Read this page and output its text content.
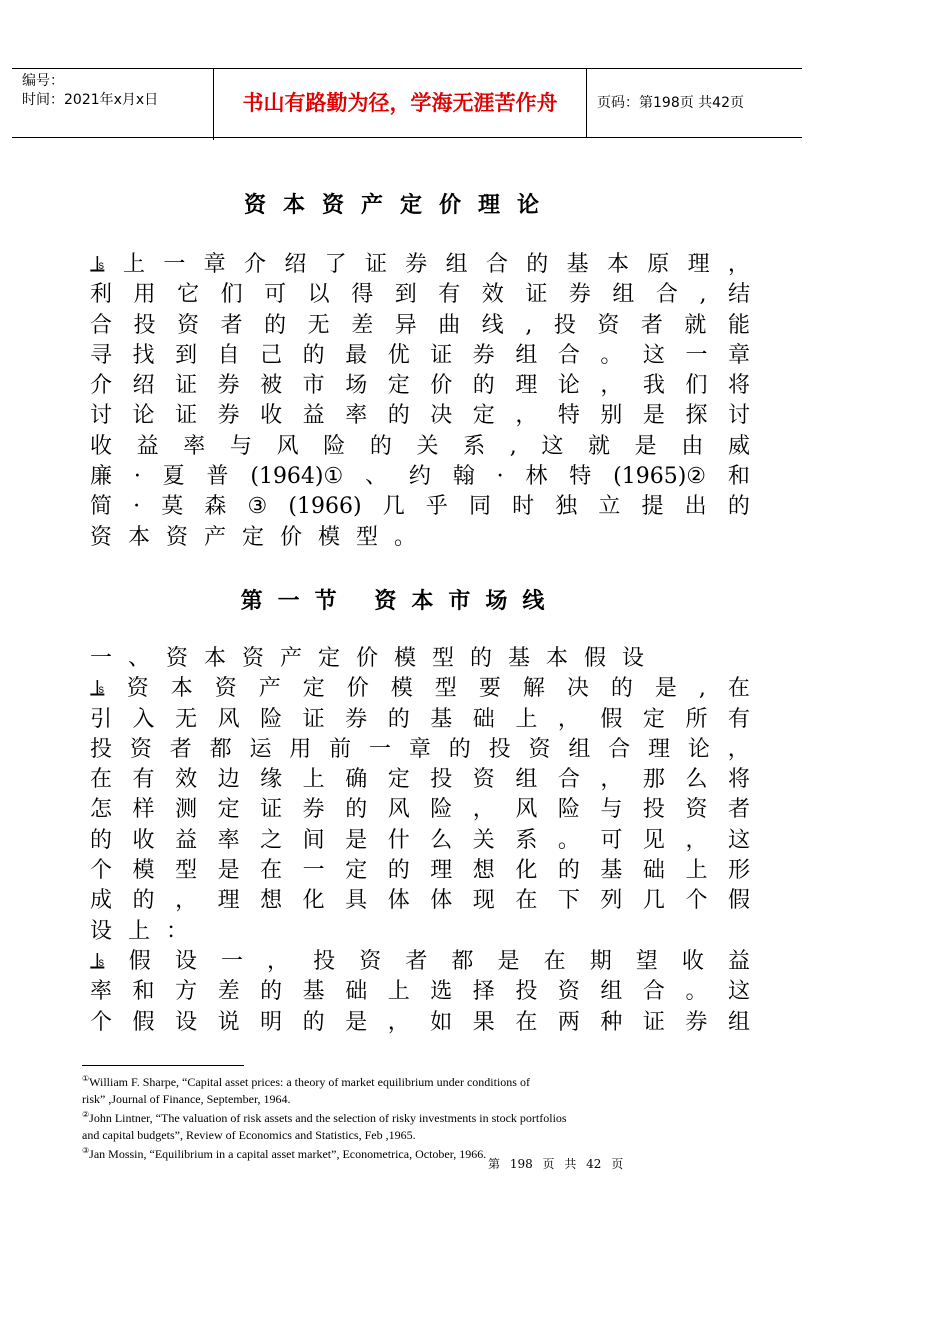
编号：
时间：2021年x月x日	书山有路勤为径，学海无涯苦作舟	页码：第198页 共42页
资本资产定价理论
⫡ 上 一 章 介 绍 了 证 券 组 合 的 基 本 原 理 ，
利 用 它 们 可 以 得 到 有 效 证 券 组 合 , 结
合 投 资 者 的 无 差 异 曲 线 , 投 资 者 就 能
寻 找 到 自 己 的 最 优 证 券 组 合 。 这 一 章
介 绍 证 券 被 市 场 定 价 的 理 论 ， 我 们 将
讨 论 证 券 收 益 率 的 决 定 ， 特 别 是 探 讨
收 益 率 与 风 险 的 关 系 , 这 就 是 由 威
廉 · 夏 普 (1964)① 、 约 翰 · 林 特 (1965)② 和
简 · 莫 森 ③ (1966) 几 乎 同 时 独 立 提 出 的
资本资产定价模型。
第一节 资本市场线
一、资本资产定价模型的基本假设
⫡ 资 本 资 产 定 价 模 型 要 解 决 的 是 , 在
引 入 无 风 险 证 券 的 基 础 上 ， 假 定 所 有
投 资 者 都 运 用 前 一 章 的 投 资 组 合 理 论 ，
在 有 效 边 缘 上 确 定 投 资 组 合 ， 那 么 将
怎 样 测 定 证 券 的 风 险 ， 风 险 与 投 资 者
的 收 益 率 之 间 是 什 么 关 系 。 可 见 ， 这
个 模 型 是 在 一 定 的 理 想 化 的 基 础 上 形
成 的 ， 理 想 化 具 体 体 现 在 下 列 几 个 假
设上：
⫡ 假 设 一 ， 投 资 者 都 是 在 期 望 收 益
率 和 方 差 的 基 础 上 选 择 投 资 组 合 。 这
个 假 设 说 明 的 是 ， 如 果 在 两 种 证 券 组
①William F. Sharpe, “Capital asset prices: a theory of market equilibrium under conditions of
risk” ,Journal of Finance, September, 1964.
②John Lintner, “The valuation of risk assets and the selection of risky investments in stock portfolios
and capital budgets”, Review of Economics and Statistics, Feb ,1965.
③Jan Mossin, “Equilibrium in a capital asset market”, Econometrica, October, 1966.
第 198 页 共 42 页
